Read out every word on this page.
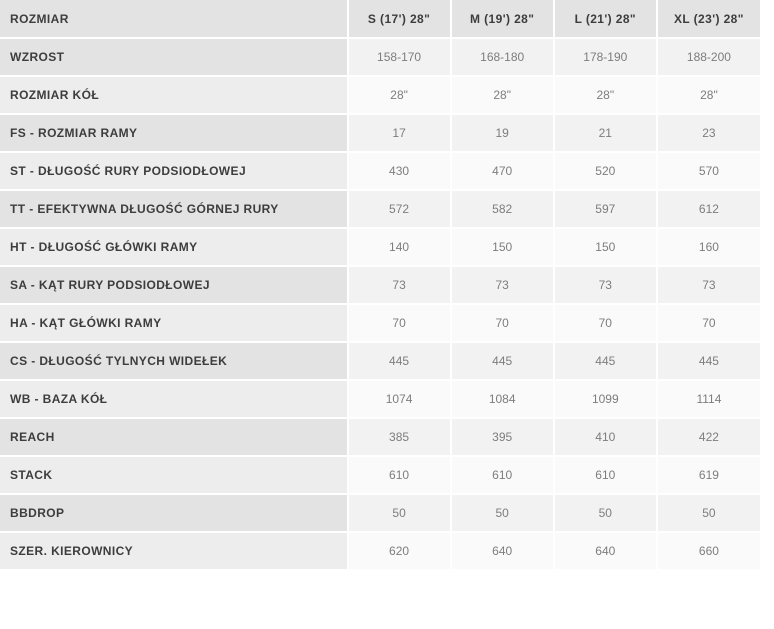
ROZMIAR	S (17') 28"	M (19') 28"	L (21') 28"	XL (23') 28"
WZROST	158-170	168-180	178-190	188-200
ROZMIAR KÓŁ	28"	28"	28"	28"
FS - ROZMIAR RAMY	17	19	21	23
ST - DŁUGOŚĆ RURY PODSIODŁOWEJ	430	470	520	570
TT - EFEKTYWNA DŁUGOŚĆ GÓRNEJ RURY	572	582	597	612
HT - DŁUGOŚĆ GŁÓWKI RAMY	140	150	150	160
SA - KĄT RURY PODSIODŁOWEJ	73	73	73	73
HA - KĄT GŁÓWKI RAMY	70	70	70	70
CS - DŁUGOŚĆ TYLNYCH WIDEŁEK	445	445	445	445
WB - BAZA KÓŁ	1074	1084	1099	1114
REACH	385	395	410	422
STACK	610	610	610	619
BBDROP	50	50	50	50
SZER. KIEROWNICY	620	640	640	660
